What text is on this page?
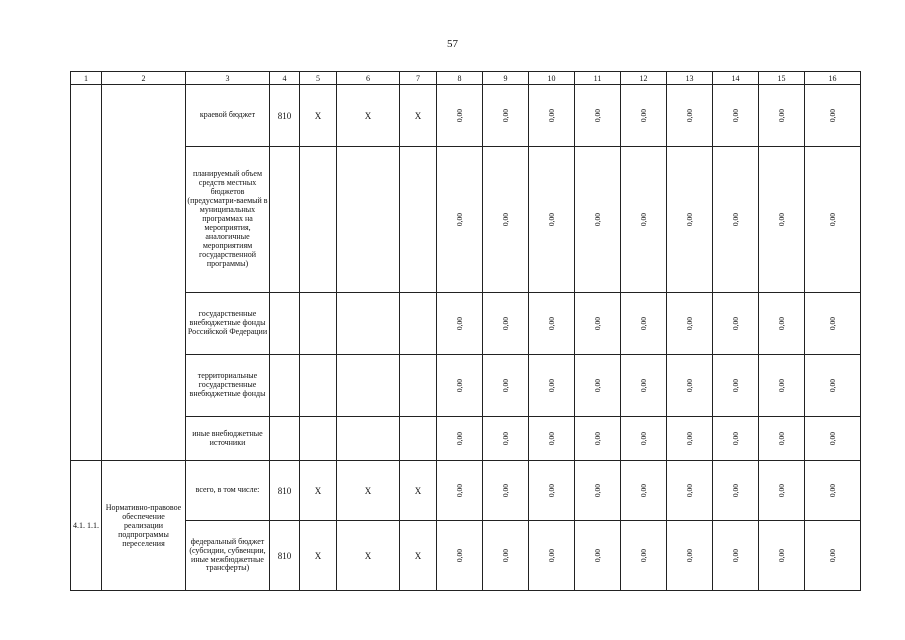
57
1	2	3	4	5	6	7	8	9	10	11	12	13	14	15	16
		краевой бюджет	810	X	X	X	0,00	0,00	0,00	0,00	0,00	0,00	0,00	0,00	0,00
		планируемый объем средств местных бюджетов (предусматри-ваемый в муниципальных программах на мероприятия, аналогичные мероприятиям государственной программы)					0,00	0,00	0,00	0,00	0,00	0,00	0,00	0,00	0,00
		государственные внебюджетные фонды Российской Федерации					0,00	0,00	0,00	0,00	0,00	0,00	0,00	0,00	0,00
		территориальные государственные внебюджетные фонды					0,00	0,00	0,00	0,00	0,00	0,00	0,00	0,00	0,00
		иные внебюджетные источники					0,00	0,00	0,00	0,00	0,00	0,00	0,00	0,00	0,00
4.1. 1.1.	Нормативно-правовое обеспечение реализации подпрограммы переселения	всего, в том числе:	810	X	X	X	0,00	0,00	0,00	0,00	0,00	0,00	0,00	0,00	0,00
		федеральный бюджет (субсидии, субвенции, иные межбюджетные трансферты)	810	X	X	X	0,00	0,00	0,00	0,00	0,00	0,00	0,00	0,00	0,00
